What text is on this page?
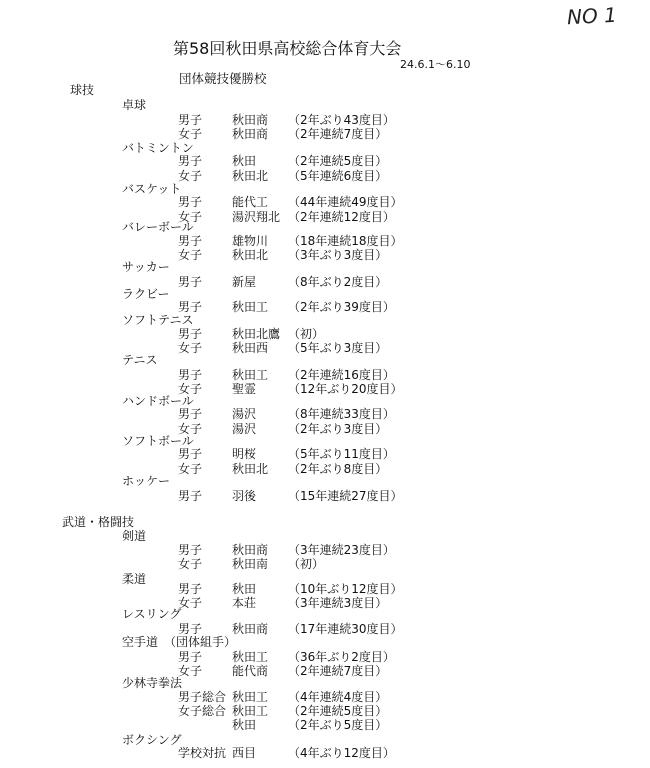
NO 1
第58回秋田県高校総合体育大会
24.6.1～6.10
団体競技優勝校
球技
卓球
男子 秋田商 （2年ぶり43度目）
女子 秋田商 （2年連続7度目）
バトミントン
男子 秋田	（2年連続5度目）
女子 秋田北 （5年連続6度目）
バスケット
男子 能代工 （44年連続49度目）
女子 湯沢翔北 （2年連続12度目）
バレーボール
男子 雄物川 （18年連続18度目）
女子 秋田北 （3年ぶり3度目）
サッカー
男子 新屋	（8年ぶり2度目）
ラクビー
男子 秋田工 （2年ぶり39度目）
ソフトテニス
男子 秋田北鷹 （初）
女子 秋田西 （5年ぶり3度目）
テニス
男子 秋田工 （2年連続16度目）
女子 聖霊	（12年ぶり20度目）
ハンドボール
男子 湯沢	（8年連続33度目）
女子 湯沢	（2年ぶり3度目）
ソフトボール
男子 明桜	（5年ぶり11度目）
女子 秋田北 （2年ぶり8度目）
ホッケー
男子 羽後	（15年連続27度目）
武道・格闘技
剣道
男子 秋田商 （3年連続23度目）
女子 秋田南 （初）
柔道
男子 秋田	（10年ぶり12度目）
女子 本荘	（3年連続3度目）
レスリング
男子 秋田商 （17年連続30度目）
空手道　（団体組手）
男子 秋田工 （36年ぶり2度目）
女子 能代商 （2年連続7度目）
少林寺拳法
男子総合 秋田工 （4年連続4度目）
女子総合 秋田工 （2年連続5度目）
秋田	（2年ぶり5度目）
ボクシング
学校対抗 西目	（4年ぶり12度目）
